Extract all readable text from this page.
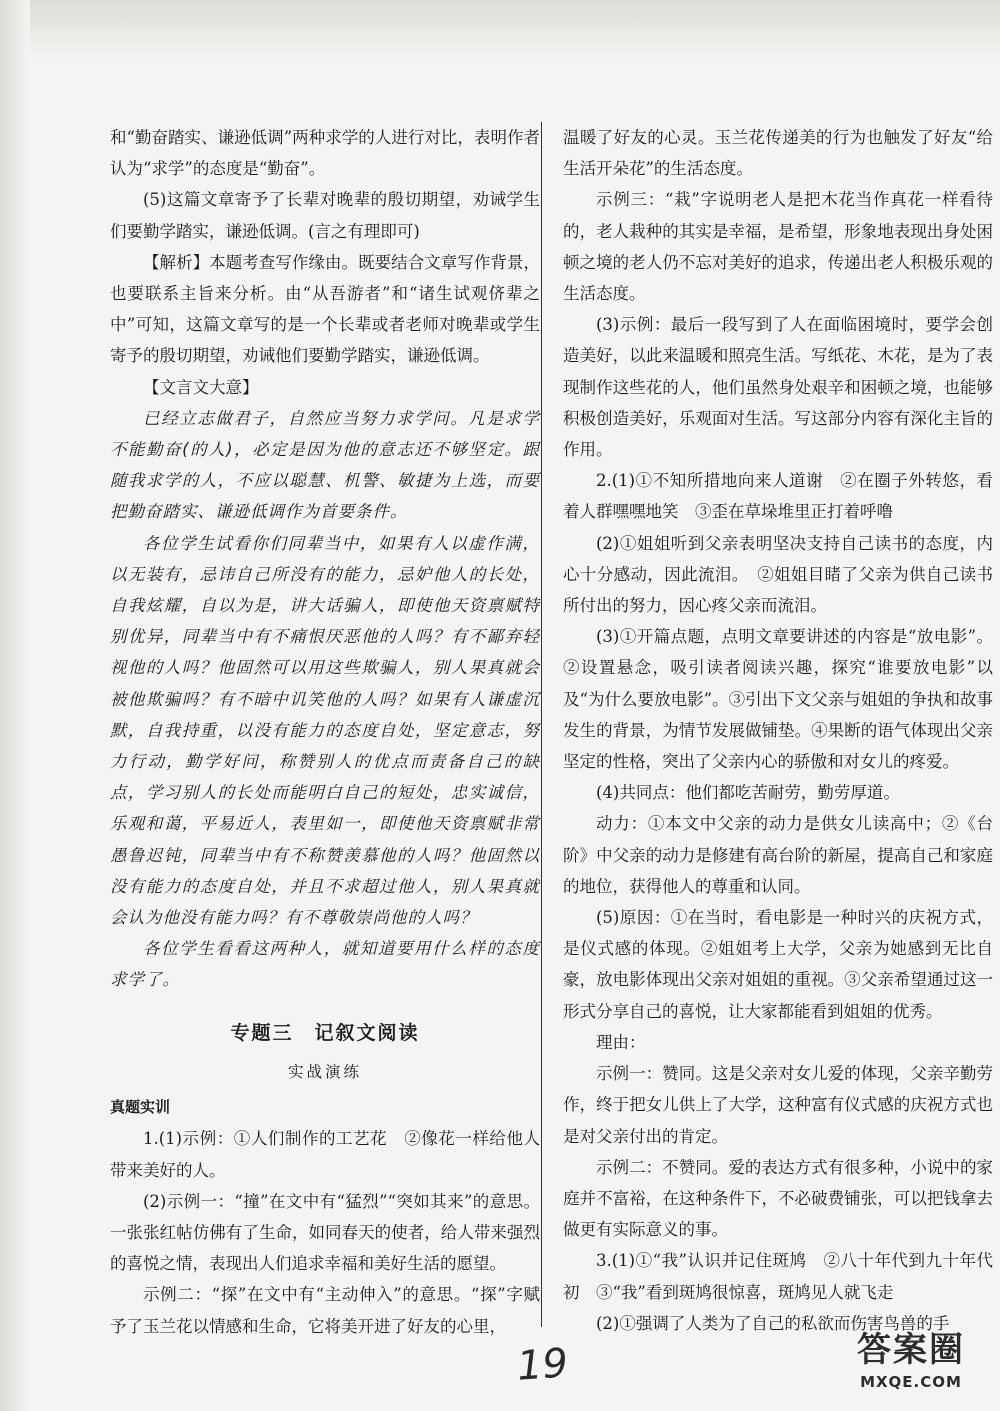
和“勤奋踏实、谦逊低调”两种求学的人进行对比，表明作者认为“求学”的态度是“勤奋”。

(5)这篇文章寄予了长辈对晚辈的殷切期望，劝诫学生们要勤学踏实，谦逊低调。(言之有理即可)

【解析】本题考查写作缘由。既要结合文章写作背景，也要联系主旨来分析。由“从吾游者”和“诸生试观侪辈之中”可知，这篇文章写的是一个长辈或者老师对晚辈或学生寄予的殷切期望，劝诫他们要勤学踏实，谦逊低调。

【文言文大意】

已经立志做君子，自然应当努力求学问。凡是求学不能勤奋(的人)，必定是因为他的意志还不够坚定。跟随我求学的人，不应以聪慧、机警、敏捷为上选，而要把勤奋踏实、谦逊低调作为首要条件。

各位学生试看你们同辈当中，如果有人以虚作满，以无装有，忌讳自己所没有的能力，忌妒他人的长处，自我炫耀，自以为是，讲大话骗人，即使他天资禀赋特别优异，同辈当中有不痛恨厌恶他的人吗？有不鄙弃轻视他的人吗？他固然可以用这些欺骗人，别人果真就会被他欺骗吗？有不暗中讥笑他的人吗？如果有人谦虚沉默，自我持重，以没有能力的态度自处，坚定意志，努力行动，勤学好问，称赞别人的优点而责备自己的缺点，学习别人的长处而能明白自己的短处，忠实诚信，乐观和蔼，平易近人，表里如一，即使他天资禀赋非常愚鲁迟钝，同辈当中有不称赞羡慕他的人吗？他固然以没有能力的态度自处，并且不求超过他人，别人果真就会认为他没有能力吗？有不尊敬崇尚他的人吗？

各位学生看看这两种人，就知道要用什么样的态度求学了。

专题三　记叙文阅读
实战演练

真题实训

1.(1)示例：①人们制作的工艺花　②像花一样给他人带来美好的人。

(2)示例一：“撞”在文中有“猛烈”“突如其来”的意思。一张张红帖仿佛有了生命，如同春天的使者，给人带来强烈的喜悦之情，表现出人们追求幸福和美好生活的愿望。

示例二：“探”在文中有“主动伸入”的意思。“探”字赋予了玉兰花以情感和生命，它将美开进了好友的心里，

温暖了好友的心灵。玉兰花传递美的行为也触发了好友“给生活开朵花”的生活态度。

示例三：“栽”字说明老人是把木花当作真花一样看待的，老人栽种的其实是幸福，是希望，形象地表现出身处困顿之境的老人仍不忘对美好的追求，传递出老人积极乐观的生活态度。

(3)示例：最后一段写到了人在面临困境时，要学会创造美好，以此来温暖和照亮生活。写纸花、木花，是为了表现制作这些花的人，他们虽然身处艰辛和困顿之境，也能够积极创造美好，乐观面对生活。写这部分内容有深化主旨的作用。

2.(1)①不知所措地向来人道谢　②在圈子外转悠，看着人群嘿嘿地笑　③歪在草垛堆里正打着呼噜

(2)①姐姐听到父亲表明坚决支持自己读书的态度，内心十分感动，因此流泪。　②姐姐目睹了父亲为供自己读书所付出的努力，因心疼父亲而流泪。

(3)①开篇点题，点明文章要讲述的内容是“放电影”。②设置悬念，吸引读者阅读兴趣，探究“谁要放电影”以及“为什么要放电影”。③引出下文父亲与姐姐的争执和故事发生的背景，为情节发展做铺垫。④果断的语气体现出父亲坚定的性格，突出了父亲内心的骄傲和对女儿的疼爱。

(4)共同点：他们都吃苦耐劳，勤劳厚道。

动力：①本文中父亲的动力是供女儿读高中；②《台阶》中父亲的动力是修建有高台阶的新屋，提高自己和家庭的地位，获得他人的尊重和认同。

(5)原因：①在当时，看电影是一种时兴的庆祝方式，是仪式感的体现。②姐姐考上大学，父亲为她感到无比自豪，放电影体现出父亲对姐姐的重视。③父亲希望通过这一形式分享自己的喜悦，让大家都能看到姐姐的优秀。

理由：

示例一：赞同。这是父亲对女儿爱的体现，父亲辛勤劳作，终于把女儿供上了大学，这种富有仪式感的庆祝方式也是对父亲付出的肯定。

示例二：不赞同。爱的表达方式有很多种，小说中的家庭并不富裕，在这种条件下，不必破费铺张，可以把钱拿去做更有实际意义的事。

3.(1)①“我”认识并记住斑鸠　②八十年代到九十年代初　③“我”看到斑鸠很惊喜，斑鸠见人就飞走

(2)①强调了人类为了自己的私欲而伤害鸟兽的手

19	答案圈
MXQE.COM
